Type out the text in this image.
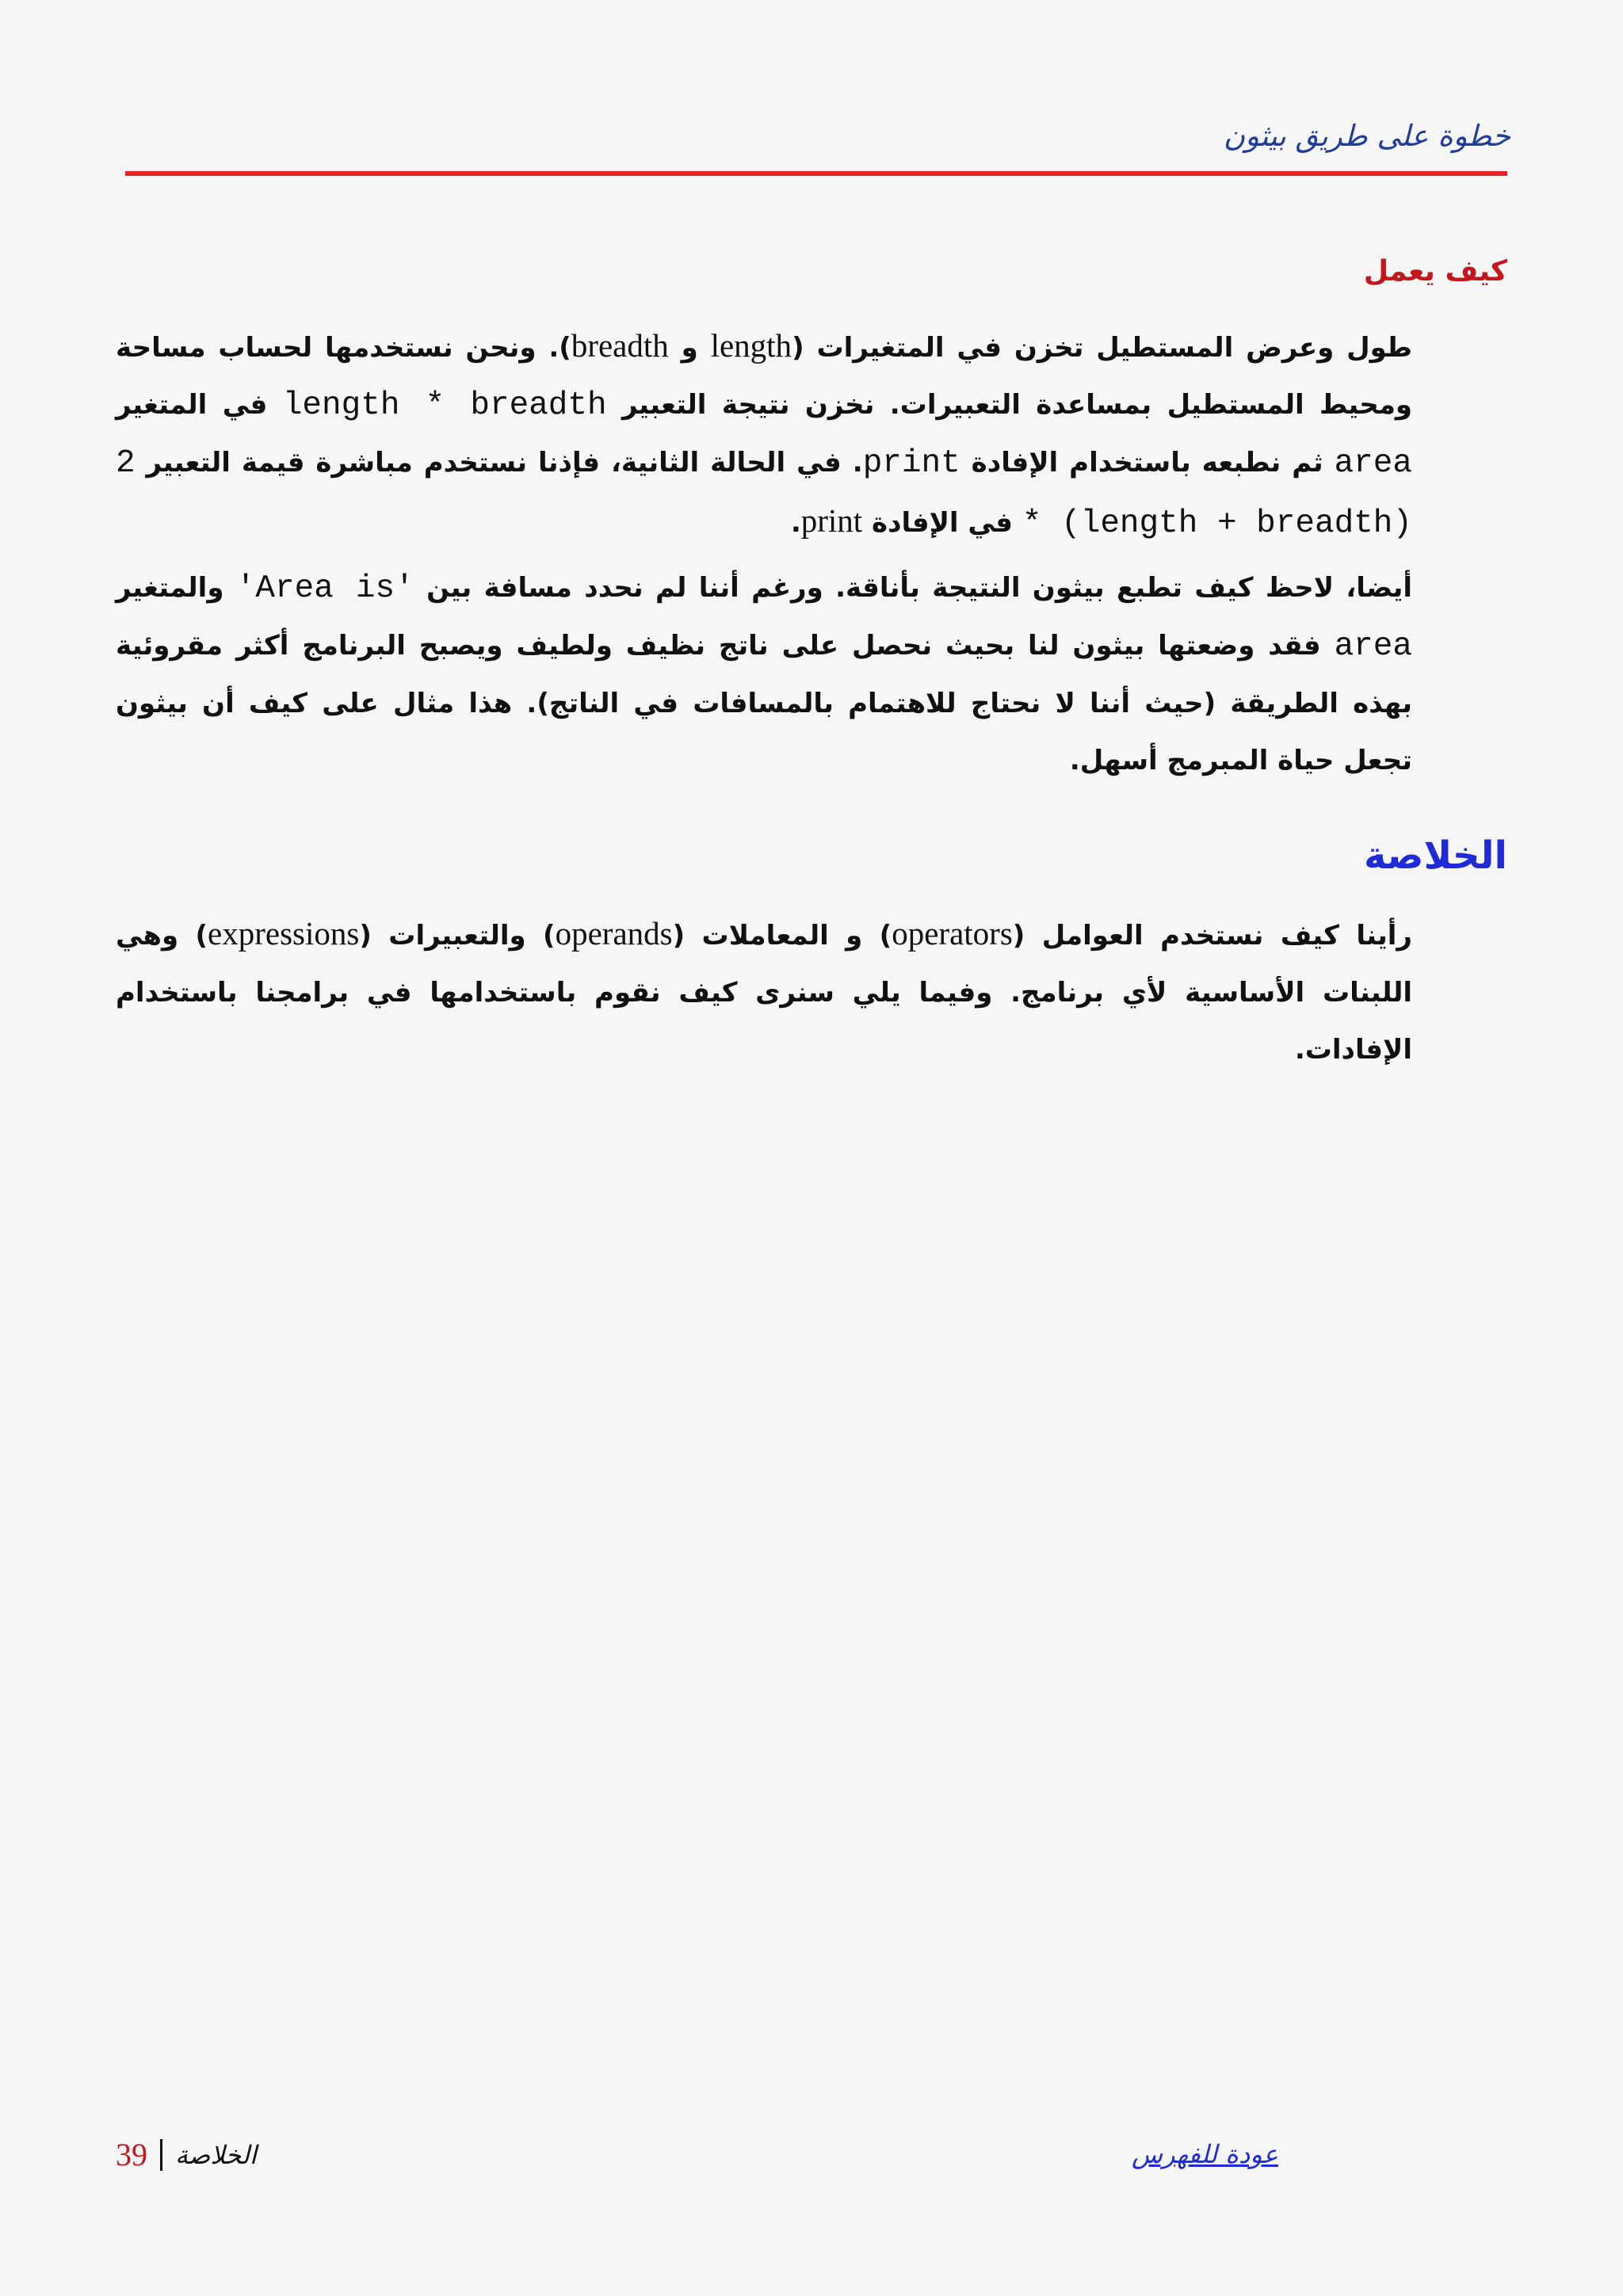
خطوة على طريق بيثون
كيف يعمل
طول وعرض المستطيل تخزن في المتغيرات (length و breadth). ونحن نستخدمها لحساب مساحة ومحيط المستطيل بمساعدة التعبيرات. نخزن نتيجة التعبير length * breadth في المتغير area ثم نطبعه باستخدام الإفادة print. في الحالة الثانية، فإذنا نستخدم مباشرة قيمة التعبير 2 * (length + breadth) في الإفادة print.
أيضا، لاحظ كيف تطبع بيثون النتيجة بأناقة. ورغم أننا لم نحدد مسافة بين 'Area is' والمتغير area فقد وضعتها بيثون لنا بحيث نحصل على ناتج نظيف ولطيف ويصبح البرنامج أكثر مقروئية بهذه الطريقة (حيث أننا لا نحتاج للاهتمام بالمسافات في الناتج). هذا مثال على كيف أن بيثون تجعل حياة المبرمج أسهل.
الخلاصة
رأينا كيف نستخدم العوامل (operators) و المعاملات (operands) والتعبيرات (expressions) وهي اللبنات الأساسية لأي برنامج. وفيما يلي سنرى كيف نقوم باستخدامها في برامجنا باستخدام الإفادات.
عودة للفهرس
39 الخلاصة
